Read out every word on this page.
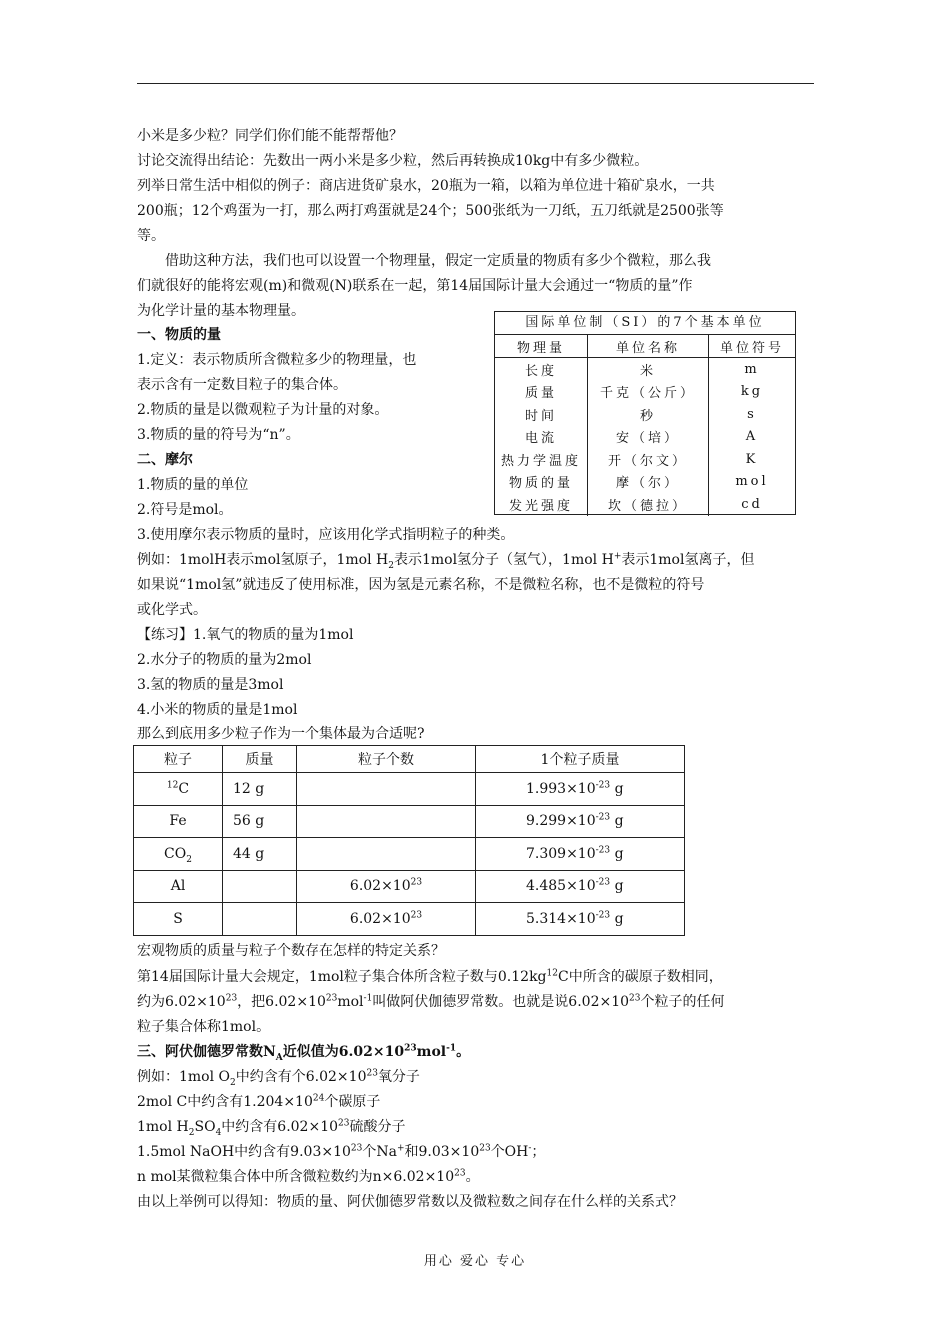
小米是多少粒？同学们你们能不能帮帮他？
讨论交流得出结论：先数出一两小米是多少粒，然后再转换成10kg中有多少微粒。
列举日常生活中相似的例子：商店进货矿泉水，20瓶为一箱，以箱为单位进十箱矿泉水，一共
200瓶；12个鸡蛋为一打，那么两打鸡蛋就是24个；500张纸为一刀纸，五刀纸就是2500张等
等。
借助这种方法，我们也可以设置一个物理量，假定一定质量的物质有多少个微粒，那么我
们就很好的能将宏观(m)和微观(N)联系在一起，第14届国际计量大会通过一“物质的量”作
为化学计量的基本物理量。
一、物质的量
1.定义：表示物质所含微粒多少的物理量，也
表示含有一定数目粒子的集合体。
2.物质的量是以微观粒子为计量的对象。
3.物质的量的符号为“n”。
国际单位制（SI）的7个基本单位
物理量	单位名称	单位符号
长度	米	m
质量	千克（公斤）	kg
时间	秒	s
电流	安（培）	A
热力学温度	开（尔文）	K
物质的量	摩（尔）	mol
发光强度	坎（德拉）	cd
二、摩尔
1.物质的量的单位
2.符号是mol。
3.使用摩尔表示物质的量时，应该用化学式指明粒子的种类。
例如：1molH表示mol氢原子，1mol $H_2$表示1mol氢分子（氢气），1mol H+表示1mol氢离子，但
如果说“1mol氢”就违反了使用标准，因为氢是元素名称，不是微粒名称，也不是微粒的符号
或化学式。
【练习】1.氧气的物质的量为1mol
2.水分子的物质的量为2mol
3.氢的物质的量是3mol
4.小米的物质的量是1mol
那么到底用多少粒子作为一个集体最为合适呢?
粒子	质量	粒子个数	1个粒子质量
$^{12}$C	12 g		$1.993\times 10^{-23}$ g
Fe	56 g		$9.299\times 10^{-23}$ g
$CO_2$	44 g		$7.309\times 10^{-23}$ g
Al		$6.02\times 10^{23}$	$4.485\times 10^{-23}$ g
S		$6.02\times 10^{23}$	$5.314\times 10^{-23}$ g
宏观物质的质量与粒子个数存在怎样的特定关系？
第14届国际计量大会规定，1mol粒子集合体所含粒子数与$0.12kg^{12}C$中所含的碳原子数相同，
约为$6.02\times 10^{23}$，把$6.02\times 10^{23}mol^{-1}$叫做阿伏伽德罗常数。也就是说$6.02\times 10^{23}$个粒子的任何
粒子集合体称1mol。
三、阿伏伽德罗常数$N_A$近似值为$6.02\times 10^{23}mol^{-1}$。
例如：1mol $O_2$中约含有个$6.02\times 10^{23}$氧分子
2mol C中约含有$1.204\times 10^{24}$个碳原子
1mol $H_2SO_4$中约含有$6.02\times 10^{23}$硫酸分子
1.5mol NaOH中约含有$9.03\times 10^{23}$个Na+和$9.03\times 10^{23}$个OH-；
n mol某微粒集合体中所含微粒数约为$n\times 6.02\times 10^{23}$。
由以上举例可以得知：物质的量、阿伏伽德罗常数以及微粒数之间存在什么样的关系式？
用心 爱心 专心
